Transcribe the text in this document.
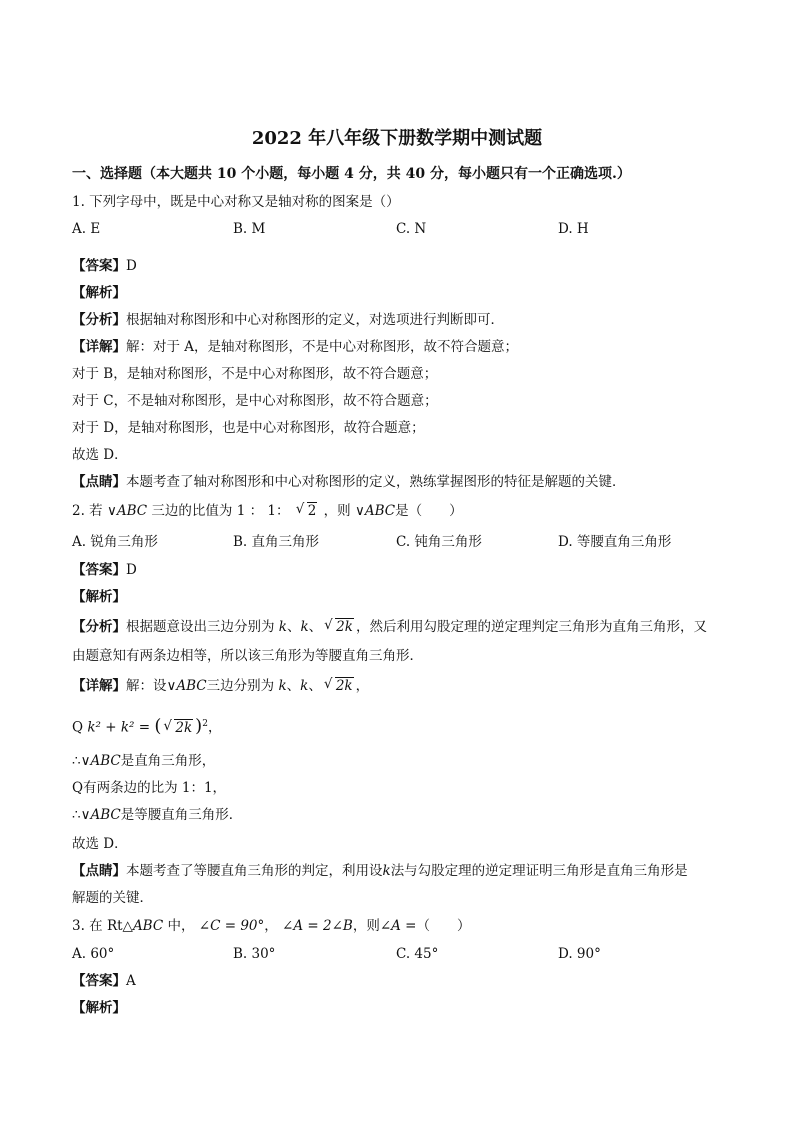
2022 年八年级下册数学期中测试题
一、选择题（本大题共 10 个小题，每小题 4 分，共 40 分，每小题只有一个正确选项.）
1. 下列字母中，既是中心对称又是轴对称的图案是（）
A. E	B. M	C. N	D. H
【答案】D
【解析】
【分析】根据轴对称图形和中心对称图形的定义，对选项进行判断即可．
【详解】解：对于 A，是轴对称图形，不是中心对称图形，故不符合题意；
对于 B，是轴对称图形，不是中心对称图形，故不符合题意；
对于 C，不是轴对称图形，是中心对称图形，故不符合题意；
对于 D，是轴对称图形，也是中心对称图形，故符合题意；
故选 D．
【点睛】本题考查了轴对称图形和中心对称图形的定义，熟练掌握图形的特征是解题的关键．
2. 若 ∨ABC 三边的比值为 1 ： 1： √ 2 ，则 ∨ABC是（　　）
A. 锐角三角形	B. 直角三角形	C. 钝角三角形	D. 等腰直角三角形
【答案】D
【解析】
【分析】根据题意设出三边分别为 k、k、 √ 2k ，然后利用勾股定理的逆定理判定三角形为直角三角形，又
由题意知有两条边相等，所以该三角形为等腰直角三角形．
【详解】解：设∨ABC三边分别为 k、k、 √ 2k ，
Q k² + k² = ( √ 2k )$^2$，
∴∨ABC是直角三角形，
Q有两条边的比为 1：1，
∴∨ABC是等腰直角三角形．
故选 D．
【点睛】本题考查了等腰直角三角形的判定，利用设k法与勾股定理的逆定理证明三角形是直角三角形是
解题的关键．
3. 在 Rt△ABC 中， ∠C = 90°， ∠A = 2∠B，则∠A =（　　）
A. 60°	B. 30°	C. 45°	D. 90°
【答案】A
【解析】
